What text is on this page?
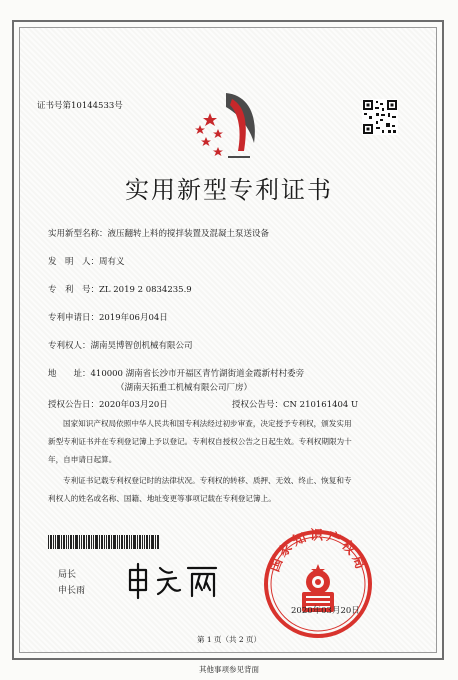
证书号第10144533号
实用新型专利证书
实用新型名称：液压翻转上料的搅拌装置及混凝土泵送设备
发　明　人：周有义
专　利　号：ZL 2019 2 0834235.9
专利申请日：2019年06月04日
专利权人：湖南昊博智创机械有限公司
地　　址：410000 湖南省长沙市开福区青竹湖街道金霞新村村委旁
（湖南天拓重工机械有限公司厂房）
授权公告日：2020年03月20日	授权公告号：CN 210161404 U
国家知识产权局依照中华人民共和国专利法经过初步审查，决定授予专利权，颁发实用
新型专利证书并在专利登记簿上予以登记。专利权自授权公告之日起生效。专利权期限为十
年，自申请日起算。
专利证书记载专利权登记时的法律状况。专利权的转移、质押、无效、终止、恢复和专
利权人的姓名或名称、国籍、地址变更等事项记载在专利登记簿上。
局长
申长雨
国家知识产权局
2020年03月20日
第 1 页（共 2 页）
其他事项参见背面
